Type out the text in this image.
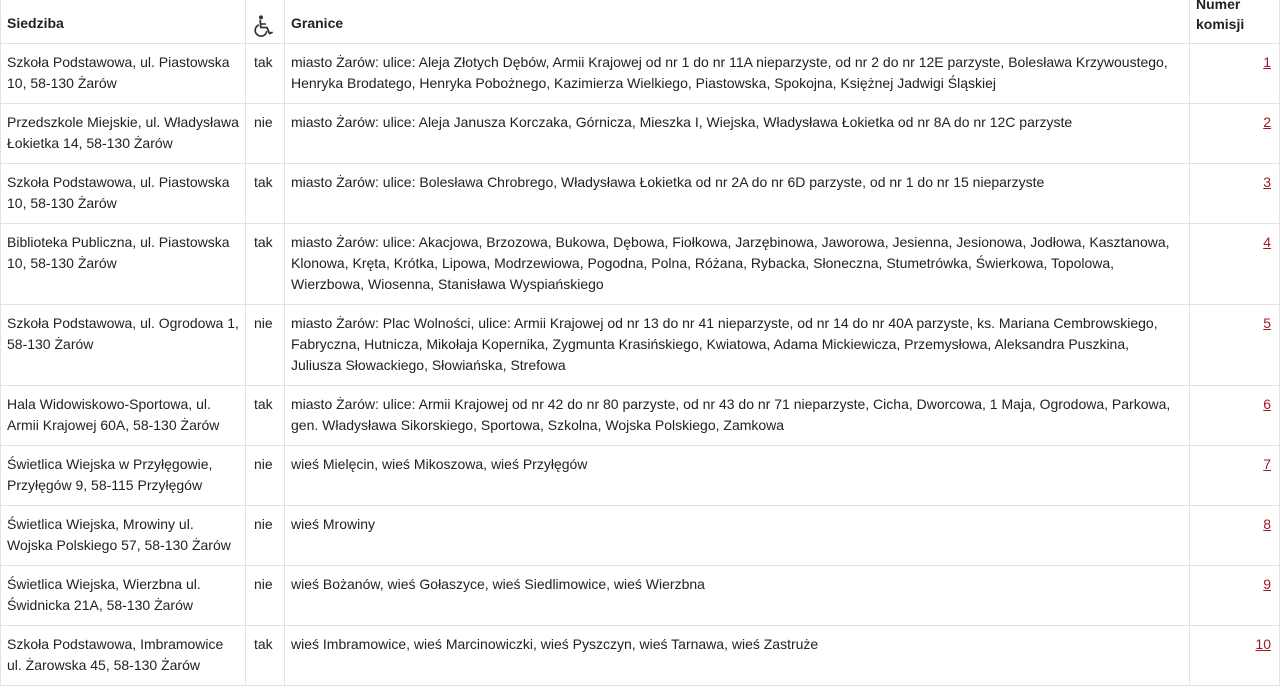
Siedziba		Granice	Numer
komisji

Szkoła Podstawowa, ul. Piastowska 10, 58-130 Żarów	tak	miasto Żarów: ulice: Aleja Złotych Dębów, Armii Krajowej od nr 1 do nr 11A nieparzyste, od nr 2 do nr 12E parzyste, Bolesława Krzywoustego, Henryka Brodatego, Henryka Pobożnego, Kazimierza Wielkiego, Piastowska, Spokojna, Księżnej Jadwigi Śląskiej	1
Przedszkole Miejskie, ul. Władysława Łokietka 14, 58-130 Żarów	nie	miasto Żarów: ulice: Aleja Janusza Korczaka, Górnicza, Mieszka I, Wiejska, Władysława Łokietka od nr 8A do nr 12C parzyste	2
Szkoła Podstawowa, ul. Piastowska 10, 58-130 Żarów	tak	miasto Żarów: ulice: Bolesława Chrobrego, Władysława Łokietka od nr 2A do nr 6D parzyste, od nr 1 do nr 15 nieparzyste	3
Biblioteka Publiczna, ul. Piastowska 10, 58-130 Żarów	tak	miasto Żarów: ulice: Akacjowa, Brzozowa, Bukowa, Dębowa, Fiołkowa, Jarzębinowa, Jaworowa, Jesienna, Jesionowa, Jodłowa, Kasztanowa, Klonowa, Kręta, Krótka, Lipowa, Modrzewiowa, Pogodna, Polna, Różana, Rybacka, Słoneczna, Stumetrówka, Świerkowa, Topolowa, Wierzbowa, Wiosenna, Stanisława Wyspiańskiego	4
Szkoła Podstawowa, ul. Ogrodowa 1, 58-130 Żarów	nie	miasto Żarów: Plac Wolności, ulice: Armii Krajowej od nr 13 do nr 41 nieparzyste, od nr 14 do nr 40A parzyste, ks. Mariana Cembrowskiego, Fabryczna, Hutnicza, Mikołaja Kopernika, Zygmunta Krasińskiego, Kwiatowa, Adama Mickiewicza, Przemysłowa, Aleksandra Puszkina, Juliusza Słowackiego, Słowiańska, Strefowa	5
Hala Widowiskowo-Sportowa, ul. Armii Krajowej 60A, 58-130 Żarów	tak	miasto Żarów: ulice: Armii Krajowej od nr 42 do nr 80 parzyste, od nr 43 do nr 71 nieparzyste, Cicha, Dworcowa, 1 Maja, Ogrodowa, Parkowa, gen. Władysława Sikorskiego, Sportowa, Szkolna, Wojska Polskiego, Zamkowa	6
Świetlica Wiejska w Przyłęgowie, Przyłęgów 9, 58-115 Przyłęgów	nie	wieś Mielęcin, wieś Mikoszowa, wieś Przyłęgów	7
Świetlica Wiejska, Mrowiny ul. Wojska Polskiego 57, 58-130 Żarów	nie	wieś Mrowiny	8
Świetlica Wiejska, Wierzbna ul. Świdnicka 21A, 58-130 Żarów	nie	wieś Bożanów, wieś Gołaszyce, wieś Siedlimowice, wieś Wierzbna	9
Szkoła Podstawowa, Imbramowice ul. Żarowska 45, 58-130 Żarów	tak	wieś Imbramowice, wieś Marcinowiczki, wieś Pyszczyn, wieś Tarnawa, wieś Zastruże	10
